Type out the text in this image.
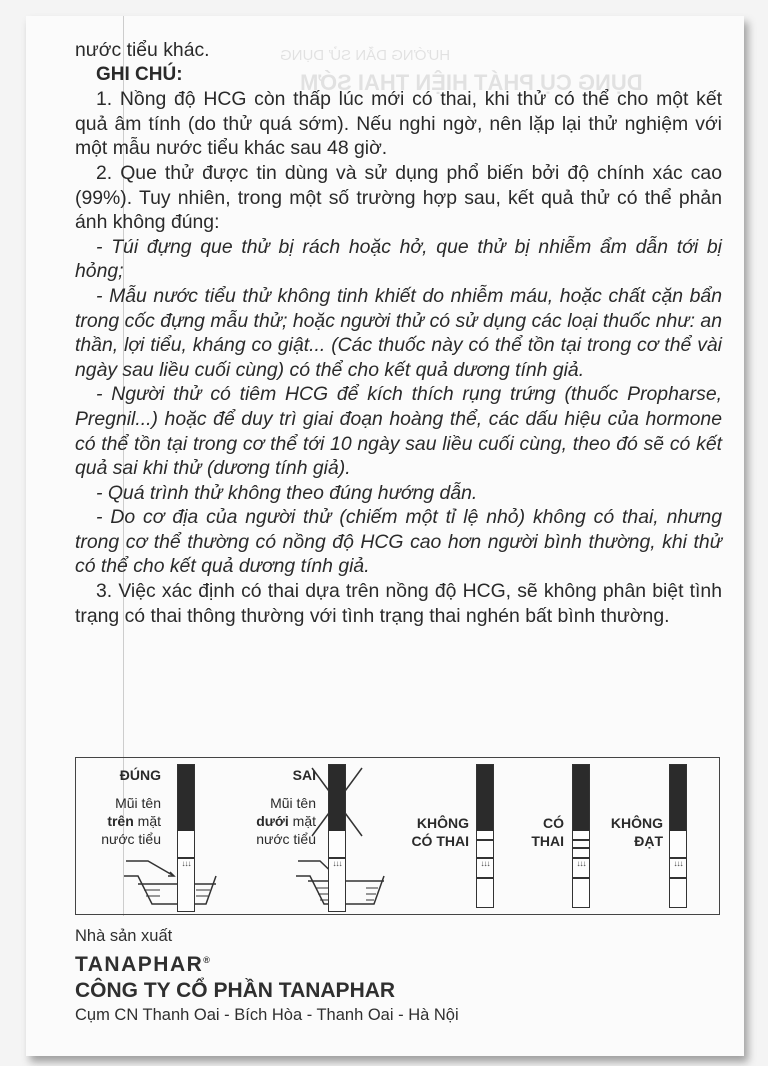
HƯỚNG DẪN SỬ DỤNG
DỤNG CỤ PHÁT HIỆN THAI SỚM

nước tiểu khác.

GHI CHÚ:

1. Nồng độ HCG còn thấp lúc mới có thai, khi thử có thể cho một kết quả âm tính (do thử quá sớm). Nếu nghi ngờ, nên lặp lại thử nghiệm với một mẫu nước tiểu khác sau 48 giờ.

2. Que thử được tin dùng và sử dụng phổ biến bởi độ chính xác cao (99%). Tuy nhiên, trong một số trường hợp sau, kết quả thử có thể phản ánh không đúng:

- Túi đựng que thử bị rách hoặc hở, que thử bị nhiễm ẩm dẫn tới bị hỏng;

- Mẫu nước tiểu thử không tinh khiết do nhiễm máu, hoặc chất cặn bẩn trong cốc đựng mẫu thử; hoặc người thử có sử dụng các loại thuốc như: an thần, lợi tiểu, kháng co giật... (Các thuốc này có thể tồn tại trong cơ thể vài ngày sau liều cuối cùng) có thể cho kết quả dương tính giả.

- Người thử có tiêm HCG để kích thích rụng trứng (thuốc Propharse, Pregnil...) hoặc để duy trì giai đoạn hoàng thể, các dấu hiệu của hormone có thể tồn tại trong cơ thể tới 10 ngày sau liều cuối cùng, theo đó sẽ có kết quả sai khi thử (dương tính giả).

- Quá trình thử không theo đúng hướng dẫn.

- Do cơ địa của người thử (chiếm một tỉ lệ nhỏ) không có thai, nhưng trong cơ thể thường có nồng độ HCG cao hơn người bình thường, khi thử có thể cho kết quả dương tính giả.

3. Việc xác định có thai dựa trên nồng độ HCG, sẽ không phân biệt tình trạng có thai thông thường với tình trạng thai nghén bất bình thường.

ĐÚNG
Mũi tên
trên mặt
nước tiểu
↓↓↓
SAI
Mũi tên
dưới mặt
nước tiểu
↓↓↓
KHÔNG
CÓ THAI
↓↓↓
CÓ
THAI
↓↓↓
KHÔNG
ĐẠT
↓↓↓
Nhà sản xuất
TANAPHAR®
CÔNG TY CỔ PHẦN TANAPHAR
Cụm CN Thanh Oai - Bích Hòa - Thanh Oai - Hà Nội
